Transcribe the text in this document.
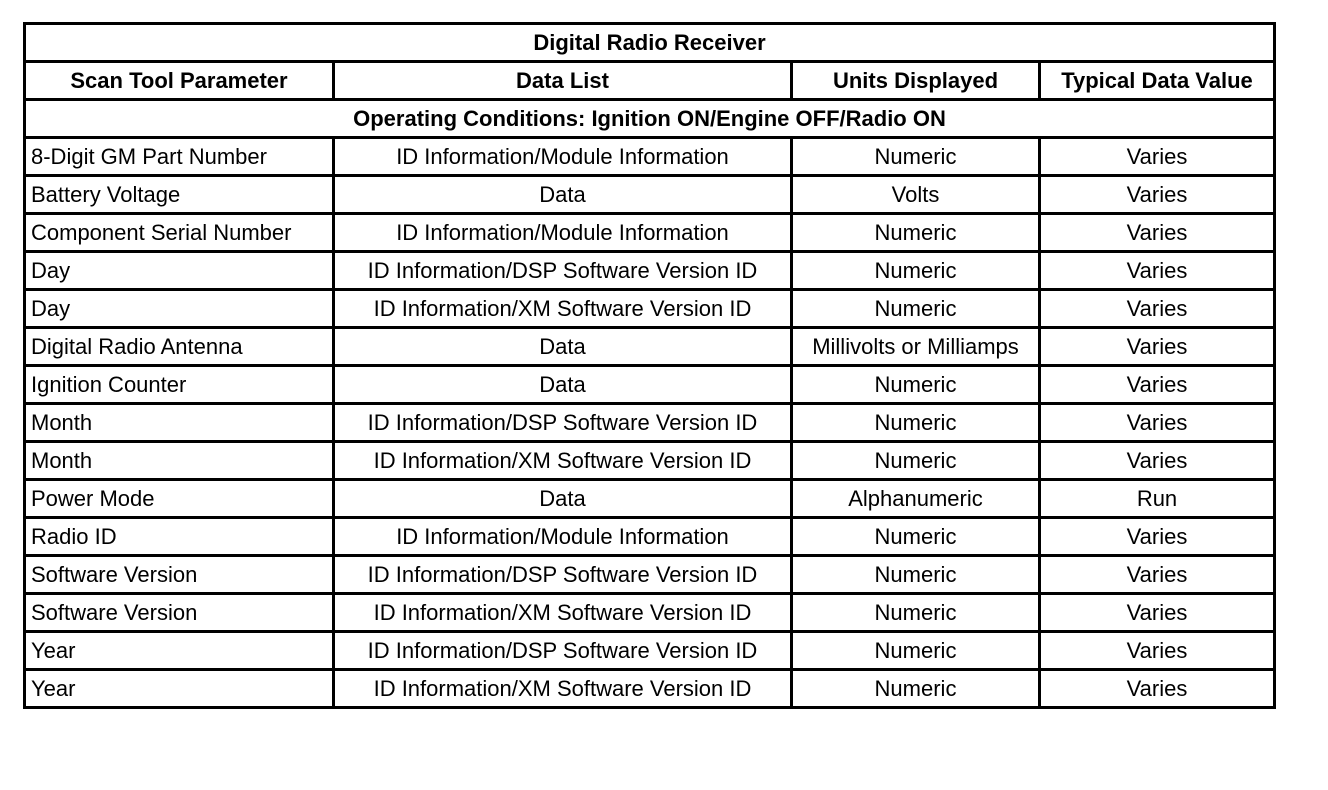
Digital Radio Receiver			
Scan Tool Parameter	Data List	Units Displayed	Typical Data Value
Operating Conditions: Ignition ON/Engine OFF/Radio ON			
8-Digit GM Part Number	ID Information/Module Information	Numeric	Varies
Battery Voltage	Data	Volts	Varies
Component Serial Number	ID Information/Module Information	Numeric	Varies
Day	ID Information/DSP Software Version ID	Numeric	Varies
Day	ID Information/XM Software Version ID	Numeric	Varies
Digital Radio Antenna	Data	Millivolts or Milliamps	Varies
Ignition Counter	Data	Numeric	Varies
Month	ID Information/DSP Software Version ID	Numeric	Varies
Month	ID Information/XM Software Version ID	Numeric	Varies
Power Mode	Data	Alphanumeric	Run
Radio ID	ID Information/Module Information	Numeric	Varies
Software Version	ID Information/DSP Software Version ID	Numeric	Varies
Software Version	ID Information/XM Software Version ID	Numeric	Varies
Year	ID Information/DSP Software Version ID	Numeric	Varies
Year	ID Information/XM Software Version ID	Numeric	Varies
